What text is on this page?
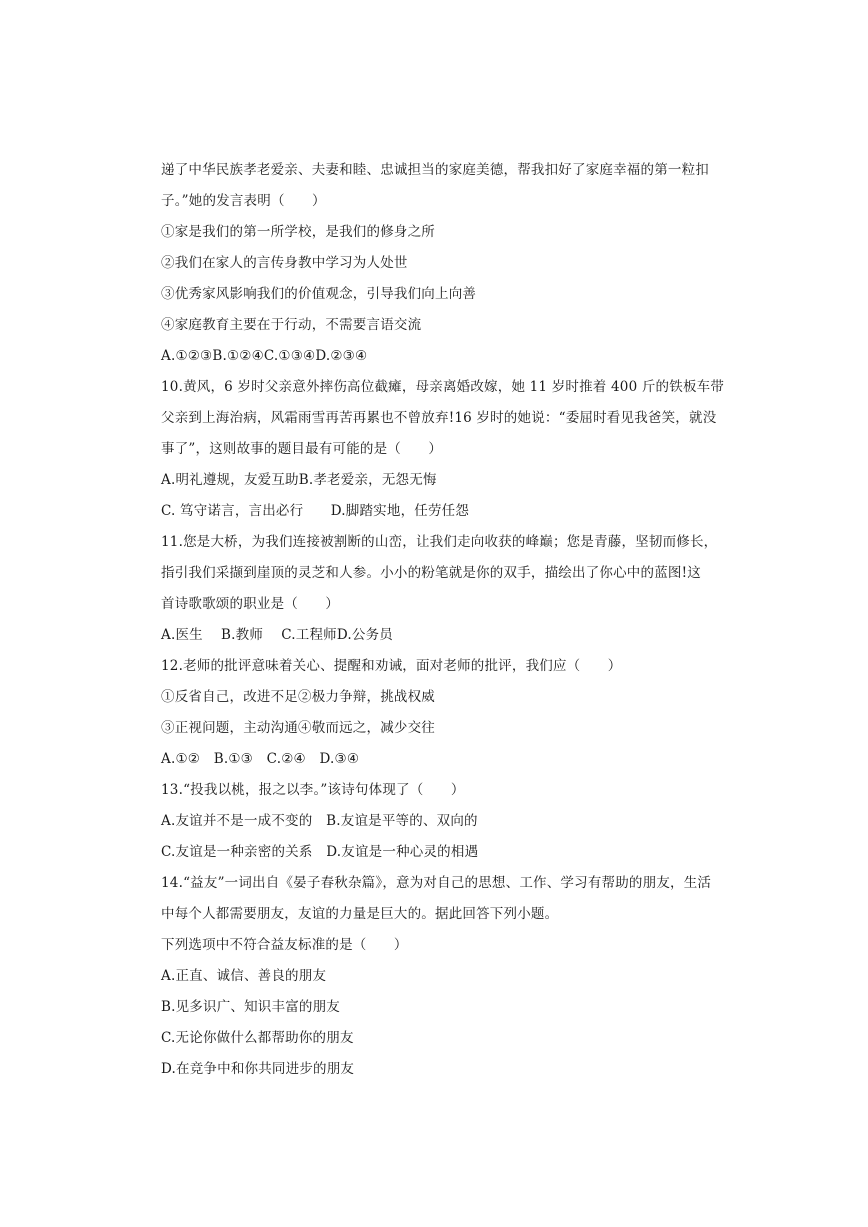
递了中华民族孝老爱亲、夫妻和睦、忠诚担当的家庭美德，帮我扣好了家庭幸福的第一粒扣
子。”她的发言表明（　　）
①家是我们的第一所学校，是我们的修身之所
②我们在家人的言传身教中学习为人处世
③优秀家风影响我们的价值观念，引导我们向上向善
④家庭教育主要在于行动，不需要言语交流
A.①②③B.①②④C.①③④D.②③④
10.黄风，6 岁时父亲意外摔伤高位截瘫，母亲离婚改嫁，她 11 岁时推着 400 斤的铁板车带
父亲到上海治病，风霜雨雪再苦再累也不曾放弃!16 岁时的她说：“委屈时看见我爸笑，就没
事了”，这则故事的题目最有可能的是（　　）
A.明礼遵规，友爱互助B.孝老爱亲，无怨无悔
C. 笃守诺言，言出必行　　D.脚踏实地，任劳任怨
11.您是大桥，为我们连接被割断的山峦，让我们走向收获的峰巅；您是青藤，坚韧而修长，
指引我们采撷到崖顶的灵芝和人参。小小的粉笔就是你的双手，描绘出了你心中的蓝图!这
首诗歌歌颂的职业是（　　）
A.医生　 B.教师　 C.工程师D.公务员
12.老师的批评意味着关心、提醒和劝诫，面对老师的批评，我们应（　　）
①反省自己，改进不足②极力争辩，挑战权威
③正视问题，主动沟通④敬而远之，减少交往
A.①②　B.①③　C.②④　D.③④
13.“投我以桃，报之以李。”该诗句体现了（　　）
A.友谊并不是一成不变的　B.友谊是平等的、双向的
C.友谊是一种亲密的关系　D.友谊是一种心灵的相遇
14.“益友”一词出自《晏子春秋杂篇》，意为对自己的思想、工作、学习有帮助的朋友，生活
中每个人都需要朋友，友谊的力量是巨大的。据此回答下列小题。
下列选项中不符合益友标准的是（　　）
A.正直、诚信、善良的朋友
B.见多识广、知识丰富的朋友
C.无论你做什么都帮助你的朋友
D.在竞争中和你共同进步的朋友
